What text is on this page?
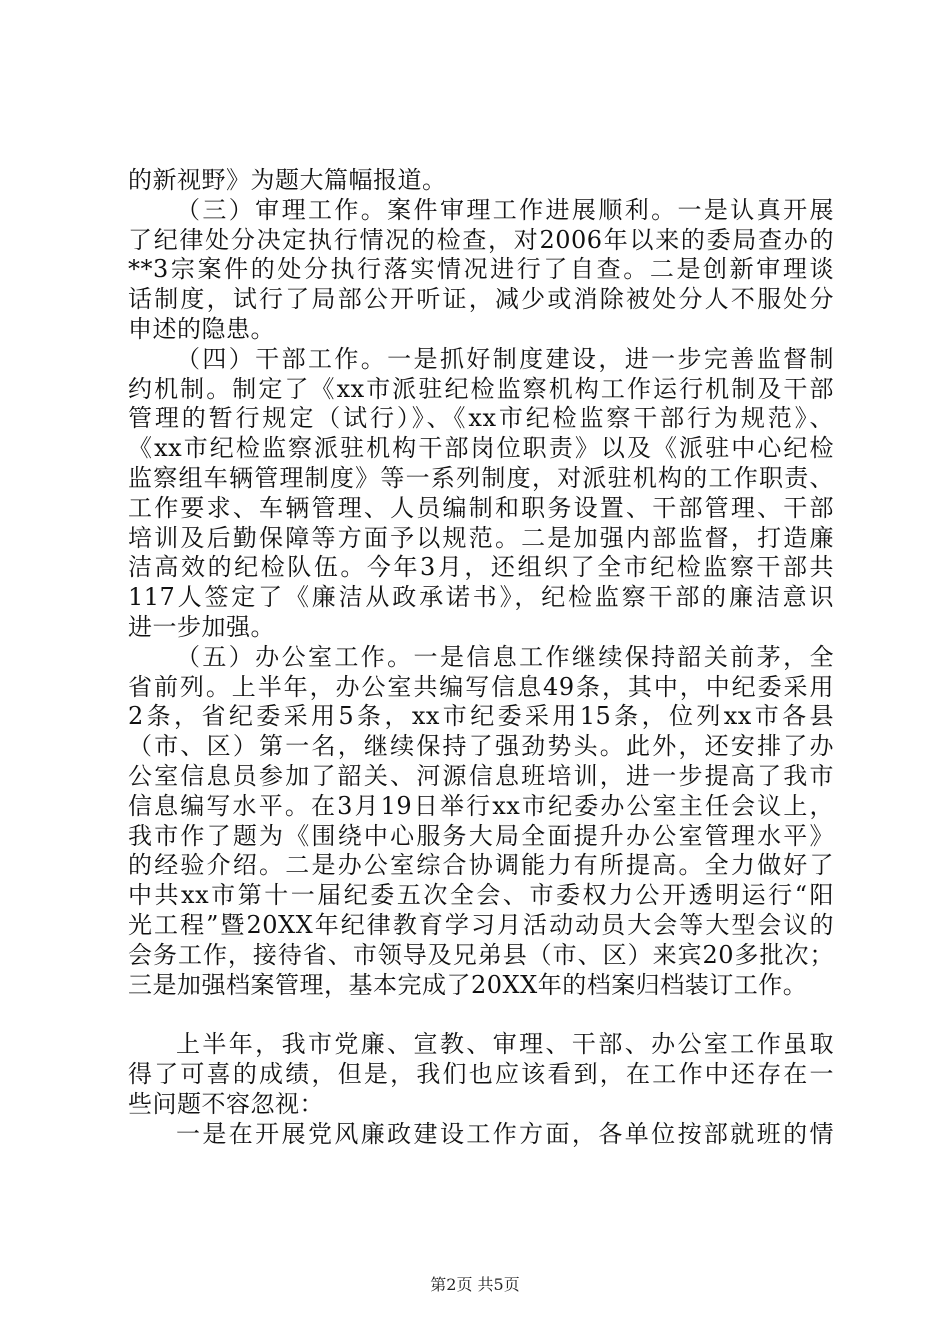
的新视野》为题大篇幅报道。
（三）审理工作。案件审理工作进展顺利。一是认真开展
了纪律处分决定执行情况的检查，对2006年以来的委局查办的
**3宗案件的处分执行落实情况进行了自查。二是创新审理谈
话制度，试行了局部公开听证，减少或消除被处分人不服处分
申述的隐患。
（四）干部工作。一是抓好制度建设，进一步完善监督制
约机制。制定了《xx市派驻纪检监察机构工作运行机制及干部
管理的暂行规定（试行）》、《xx市纪检监察干部行为规范》、
《xx市纪检监察派驻机构干部岗位职责》以及《派驻中心纪检
监察组车辆管理制度》等一系列制度，对派驻机构的工作职责、
工作要求、车辆管理、人员编制和职务设置、干部管理、干部
培训及后勤保障等方面予以规范。二是加强内部监督，打造廉
洁高效的纪检队伍。今年3月，还组织了全市纪检监察干部共
117人签定了《廉洁从政承诺书》，纪检监察干部的廉洁意识
进一步加强。
（五）办公室工作。一是信息工作继续保持韶关前茅，全
省前列。上半年，办公室共编写信息49条，其中，中纪委采用
2条，省纪委采用5条，xx市纪委采用15条，位列xx市各县
（市、区）第一名，继续保持了强劲势头。此外，还安排了办
公室信息员参加了韶关、河源信息班培训，进一步提高了我市
信息编写水平。在3月19日举行xx市纪委办公室主任会议上，
我市作了题为《围绕中心服务大局全面提升办公室管理水平》
的经验介绍。二是办公室综合协调能力有所提高。全力做好了
中共xx市第十一届纪委五次全会、市委权力公开透明运行“阳
光工程”暨20XX年纪律教育学习月活动动员大会等大型会议的
会务工作，接待省、市领导及兄弟县（市、区）来宾20多批次；
三是加强档案管理，基本完成了20XX年的档案归档装订工作。
上半年，我市党廉、宣教、审理、干部、办公室工作虽取
得了可喜的成绩，但是，我们也应该看到，在工作中还存在一
些问题不容忽视：
一是在开展党风廉政建设工作方面，各单位按部就班的情
第2页 共5页
